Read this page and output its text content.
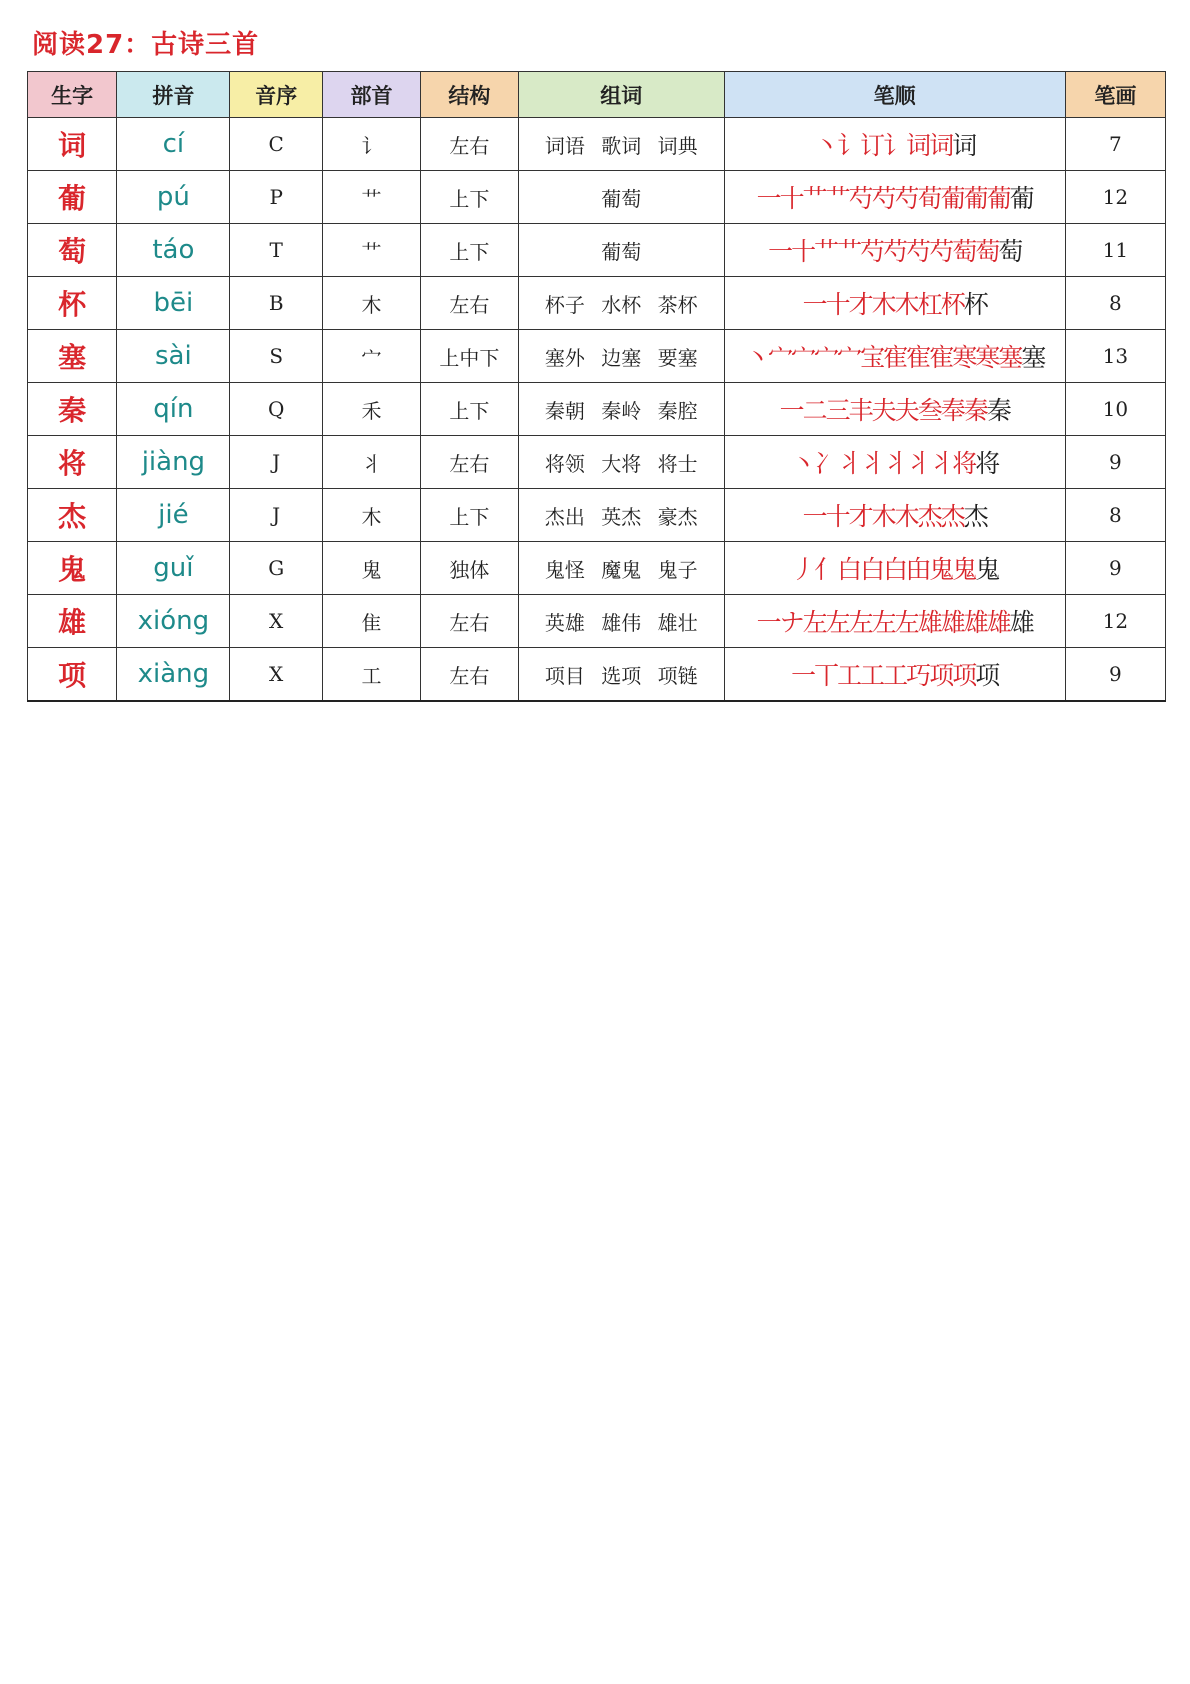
阅读27：古诗三首
生字	拼音	音序	部首	结构	组词	笔顺	笔画
词	cí	C	讠	左右	词语 歌词 词典	丶讠订讠词词词	7
葡	pú	P	艹	上下	葡萄	一十艹艹芍芍芍荀葡葡葡葡	12
萄	táo	T	艹	上下	葡萄	一十艹艹芍芍芍芍萄萄萄	11
杯	bēi	B	木	左右	杯子 水杯 茶杯	一十才木木杠杯杯	8
塞	sài	S	宀	上中下	塞外 边塞 要塞	丶宀宀宀宀宝寉寉寉寒寒塞塞	13
秦	qín	Q	禾	上下	秦朝 秦岭 秦腔	一二三丰夫夫叁奉秦秦	10
将	jiàng	J	丬	左右	将领 大将 将士	丶冫丬丬丬丬丬将将	9
杰	jié	J	木	上下	杰出 英杰 豪杰	一十才木木杰杰杰	8
鬼	guǐ	G	鬼	独体	鬼怪 魔鬼 鬼子	丿亻白白白甶鬼鬼鬼	9
雄	xióng	X	隹	左右	英雄 雄伟 雄壮	一ナ左左左左左雄雄雄雄雄	12
项	xiàng	X	工	左右	项目 选项 项链	一丅工工工巧项项项	9
